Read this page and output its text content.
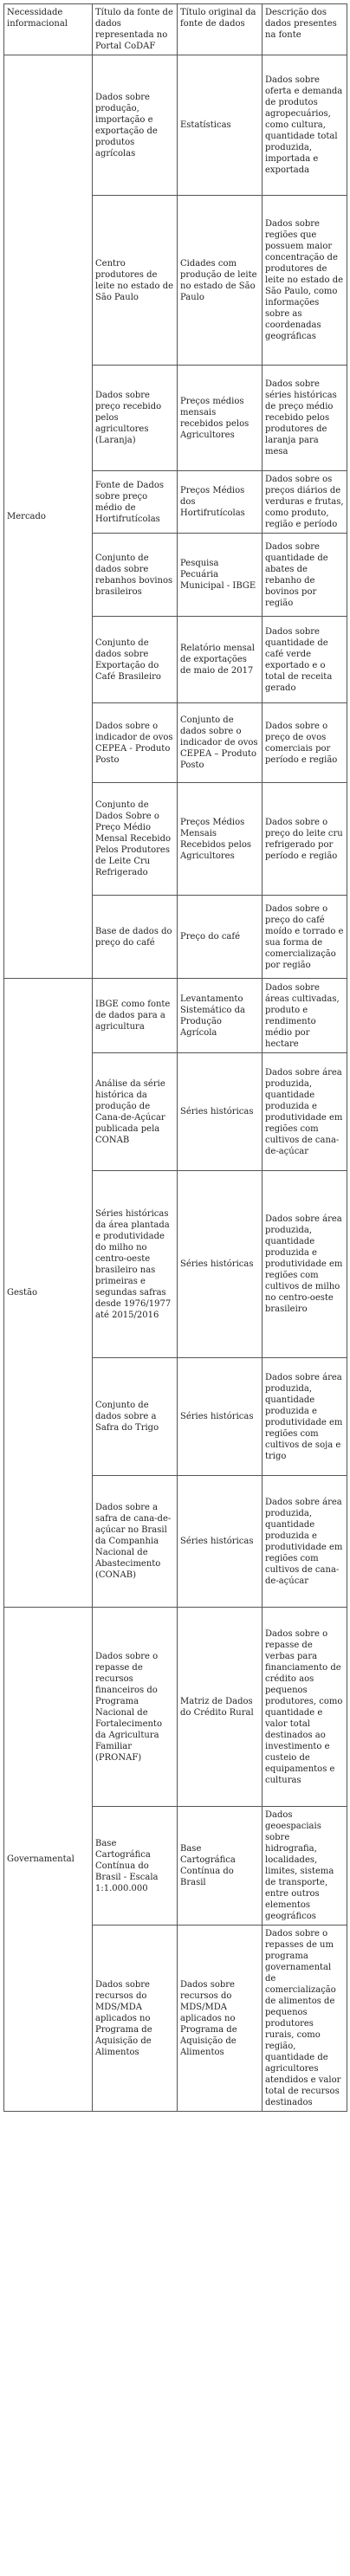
Necessidade informacional	Título da fonte de dados representada no Portal CoDAF	Título original da fonte de dados	Descrição dos dados presentes na fonte
Mercado	Dados sobre produção, importação e exportação de produtos agrícolas	Estatísticas	Dados sobre oferta e demanda de produtos agropecuários, como cultura, quantidade total produzida, importada e exportada
	Centro produtores de leite no estado de São Paulo	Cidades com produção de leite no estado de São Paulo	Dados sobre regiões que possuem maior concentração de produtores de leite no estado de São Paulo, como informações sobre as coordenadas geográficas
	Dados sobre preço recebido pelos agricultores (Laranja)	Preços médios mensais recebidos pelos Agricultores	Dados sobre séries históricas de preço médio recebido pelos produtores de laranja para mesa
	Fonte de Dados sobre preço médio de Hortifrutícolas	Preços Médios dos Hortifrutícolas	Dados sobre os preços diários de verduras e frutas, como produto, região e período
	Conjunto de dados sobre rebanhos bovinos brasileiros	Pesquisa Pecuária Municipal - IBGE	Dados sobre quantidade de abates de rebanho de bovinos por região
	Conjunto de dados sobre Exportação do Café Brasileiro	Relatório mensal de exportações de maio de 2017	Dados sobre quantidade de café verde exportado e o total de receita gerado
	Dados sobre o indicador de ovos CEPEA - Produto Posto	Conjunto de dados sobre o indicador de ovos CEPEA – Produto Posto	Dados sobre o preço de ovos comerciais por período e região
	Conjunto de Dados Sobre o Preço Médio Mensal Recebido Pelos Produtores de Leite Cru Refrigerado	Preços Médios Mensais Recebidos pelos Agricultores	Dados sobre o preço do leite cru refrigerado por período e região
	Base de dados do preço do café	Preço do café	Dados sobre o preço do café moído e torrado e sua forma de comercialização por região
Gestão	IBGE como fonte de dados para a agricultura	Levantamento Sistemático da Produção Agrícola	Dados sobre áreas cultivadas, produto e rendimento médio por hectare
	Análise da série histórica da produção de Cana-de-Açúcar publicada pela CONAB	Séries históricas	Dados sobre área produzida, quantidade produzida e produtividade em regiões com cultivos de cana-de-açúcar
	Séries históricas da área plantada e produtividade do milho no centro-oeste brasileiro nas primeiras e segundas safras desde 1976/1977 até 2015/2016	Séries históricas	Dados sobre área produzida, quantidade produzida e produtividade em regiões com cultivos de milho no centro-oeste brasileiro
	Conjunto de dados sobre a Safra do Trigo	Séries históricas	Dados sobre área produzida, quantidade produzida e produtividade em regiões com cultivos de soja e trigo
	Dados sobre a safra de cana-de-açúcar no Brasil da Companhia Nacional de Abastecimento (CONAB)	Séries históricas	Dados sobre área produzida, quantidade produzida e produtividade em regiões com cultivos de cana-de-açúcar
Governamental	Dados sobre o repasse de recursos financeiros do Programa Nacional de Fortalecimento da Agricultura Familiar (PRONAF)	Matriz de Dados do Crédito Rural	Dados sobre o repasse de verbas para financiamento de crédito aos pequenos produtores, como quantidade e valor total destinados ao investimento e custeio de equipamentos e culturas
	Base Cartográfica Contínua do Brasil - Escala 1:1.000.000	Base Cartográfica Contínua do Brasil	Dados geoespaciais sobre hidrografia, localidades, limites, sistema de transporte, entre outros elementos geográficos
	Dados sobre recursos do MDS/MDA aplicados no Programa de Aquisição de Alimentos	Dados sobre recursos do MDS/MDA aplicados no Programa de Aquisição de Alimentos	Dados sobre o repasses de um programa governamental de comercialização de alimentos de pequenos produtores rurais, como região, quantidade de agricultores atendidos e valor total de recursos destinados
